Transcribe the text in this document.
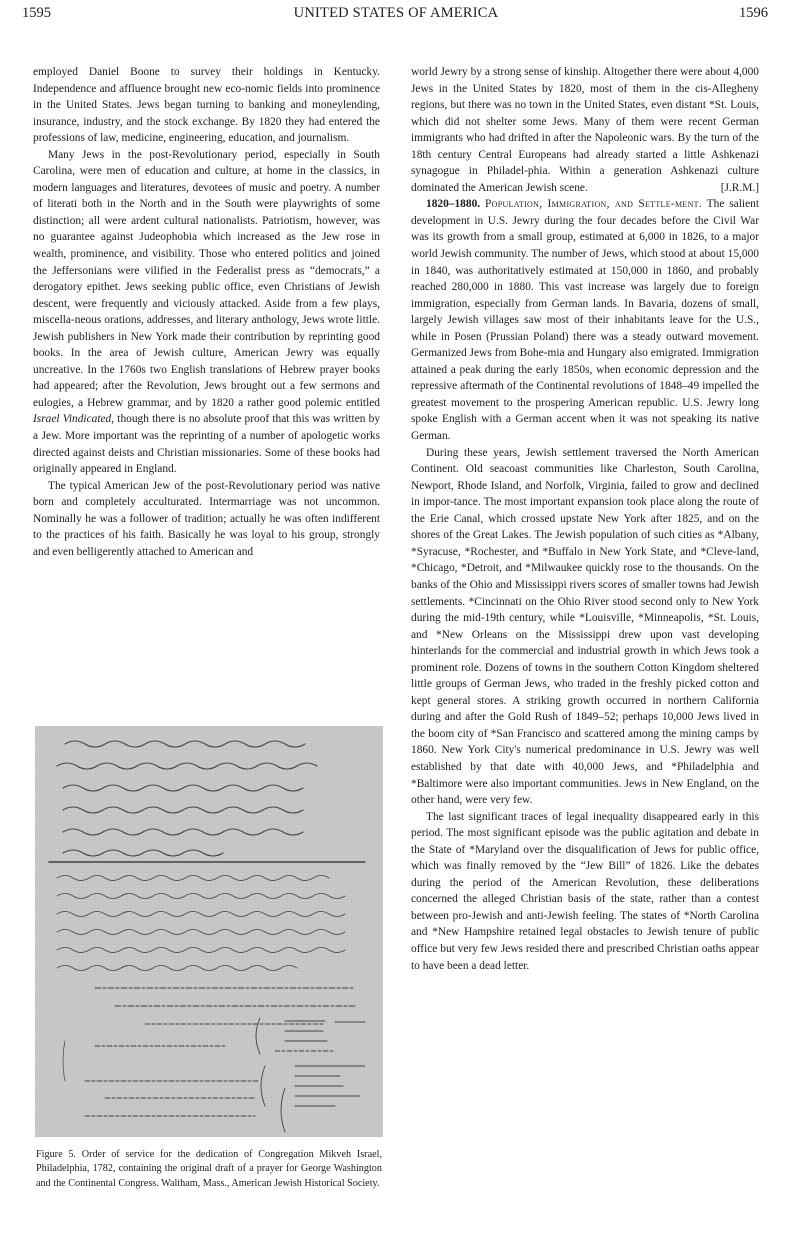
1595	UNITED STATES OF AMERICA	1596

employed Daniel Boone to survey their holdings in Kentucky. Independence and affluence brought new eco-nomic fields into prominence in the United States. Jews began turning to banking and moneylending, insurance, industry, and the stock exchange. By 1820 they had entered the professions of law, medicine, engineering, education, and journalism.

Many Jews in the post-Revolutionary period, especially in South Carolina, were men of education and culture, at home in the classics, in modern languages and literatures, devotees of music and poetry. A number of literati both in the North and in the South were playwrights of some distinction; all were ardent cultural nationalists. Patriotism, however, was no guarantee against Judeophobia which increased as the Jew rose in wealth, prominence, and visibility. Those who entered politics and joined the Jeffersonians were vilified in the Federalist press as “democrats,” a derogatory epithet. Jews seeking public office, even Christians of Jewish descent, were frequently and viciously attacked. Aside from a few plays, miscella-neous orations, addresses, and literary anthology, Jews wrote little. Jewish publishers in New York made their contribution by reprinting good books. In the area of Jewish culture, American Jewry was equally uncreative. In the 1760s two English translations of Hebrew prayer books had appeared; after the Revolution, Jews brought out a few sermons and eulogies, a Hebrew grammar, and by 1820 a rather good polemic entitled Israel Vindicated, though there is no absolute proof that this was written by a Jew. More important was the reprinting of a number of apologetic works directed against deists and Christian missionaries. Some of these books had originally appeared in England.

The typical American Jew of the post-Revolutionary period was native born and completely acculturated. Intermarriage was not uncommon. Nominally he was a follower of tradition; actually he was often indifferent to the practices of his faith. Basically he was loyal to his group, strongly and even belligerently attached to American and

Figure 5. Order of service for the dedication of Congregation Mikveh Israel, Philadelphia, 1782, containing the original draft of a prayer for George Washington and the Continental Congress. Waltham, Mass., American Jewish Historical Society.

world Jewry by a strong sense of kinship. Altogether there were about 4,000 Jews in the United States by 1820, most of them in the cis-Allegheny regions, but there was no town in the United States, even distant *St. Louis, which did not shelter some Jews. Many of them were recent German immigrants who had drifted in after the Napoleonic wars. By the turn of the 18th century Central Europeans had already started a little Ashkenazi synagogue in Philadel-phia. Within a generation Ashkenazi culture dominated the American Jewish scene.	[J.R.M.]

1820–1880. Population, Immigration, and Settle-ment. The salient development in U.S. Jewry during the four decades before the Civil War was its growth from a small group, estimated at 6,000 in 1826, to a major world Jewish community. The number of Jews, which stood at about 15,000 in 1840, was authoritatively estimated at 150,000 in 1860, and probably reached 280,000 in 1880. This vast increase was largely due to foreign immigration, especially from German lands. In Bavaria, dozens of small, largely Jewish villages saw most of their inhabitants leave for the U.S., while in Posen (Prussian Poland) there was a steady outward movement. Germanized Jews from Bohe-mia and Hungary also emigrated. Immigration attained a peak during the early 1850s, when economic depression and the repressive aftermath of the Continental revolutions of 1848–49 impelled the greatest movement to the prospering American republic. U.S. Jewry long spoke English with a German accent when it was not speaking its native German.

During these years, Jewish settlement traversed the North American Continent. Old seacoast communities like Charleston, South Carolina, Newport, Rhode Island, and Norfolk, Virginia, failed to grow and declined in impor-tance. The most important expansion took place along the route of the Erie Canal, which crossed upstate New York after 1825, and on the shores of the Great Lakes. The Jewish population of such cities as *Albany, *Syracuse, *Rochester, and *Buffalo in New York State, and *Cleve-land, *Chicago, *Detroit, and *Milwaukee quickly rose to the thousands. On the banks of the Ohio and Mississippi rivers scores of smaller towns had Jewish settlements. *Cincinnati on the Ohio River stood second only to New York during the mid-19th century, while *Louisville, *Minneapolis, *St. Louis, and *New Orleans on the Mississippi drew upon vast developing hinterlands for the commercial and industrial growth in which Jews took a prominent role. Dozens of towns in the southern Cotton Kingdom sheltered little groups of German Jews, who traded in the freshly picked cotton and kept general stores. A striking growth occurred in northern California during and after the Gold Rush of 1849–52; perhaps 10,000 Jews lived in the boom city of *San Francisco and scattered among the mining camps by 1860. New York City's numerical predominance in U.S. Jewry was well established by that date with 40,000 Jews, and *Philadelphia and *Baltimore were also important communities. Jews in New England, on the other hand, were very few.

The last significant traces of legal inequality disappeared early in this period. The most significant episode was the public agitation and debate in the State of *Maryland over the disqualification of Jews for public office, which was finally removed by the “Jew Bill” of 1826. Like the debates during the period of the American Revolution, these deliberations concerned the alleged Christian basis of the state, rather than a contest between pro-Jewish and anti-Jewish feeling. The states of *North Carolina and *New Hampshire retained legal obstacles to Jewish tenure of public office but very few Jews resided there and prescribed Christian oaths appear to have been a dead letter.
